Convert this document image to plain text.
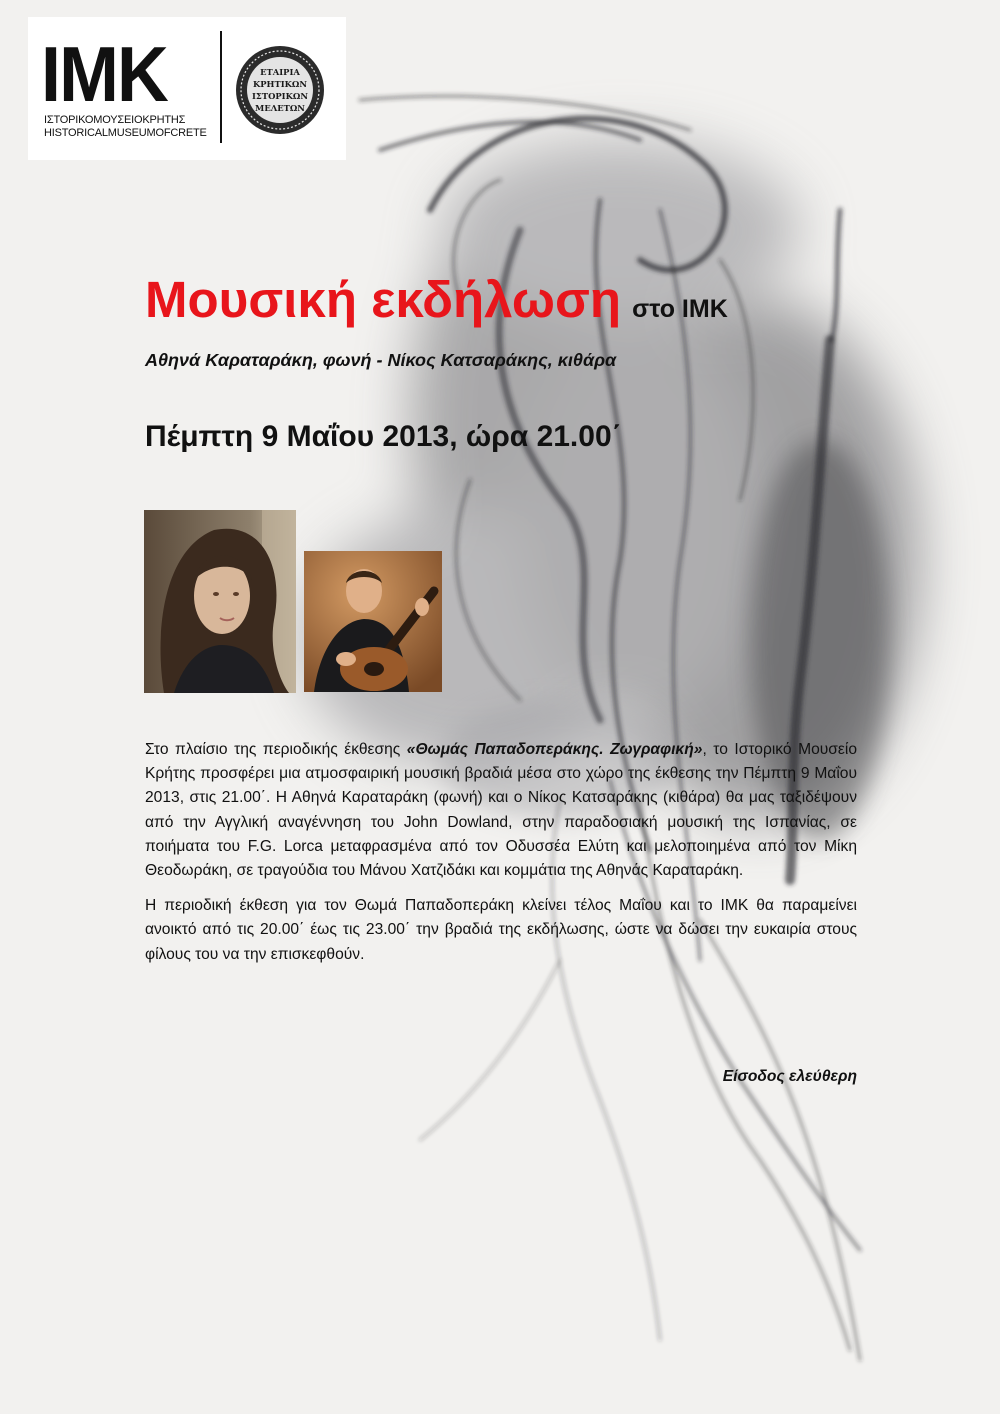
IMK
ΙΣΤΟΡΙΚΟΜΟΥΣΕΙΟΚΡΗΤΗΣ
HISTORICALMUSEUMOFCRETE
ΕΤΑΙΡΙΑ
ΚΡΗΤΙΚΩΝ
ΙΣΤΟΡΙΚΩΝ
ΜΕΛΕΤΩΝ
Μουσική εκδήλωση στο ΙΜΚ
Αθηνά Καραταράκη, φωνή - Νίκος Κατσαράκης, κιθάρα
Πέμπτη 9 Μαΐου 2013, ώρα 21.00΄

Στο πλαίσιο της περιοδικής έκθεσης «Θωμάς Παπαδοπεράκης. Ζωγραφική», το Ιστορικό Μουσείο Κρήτης προσφέρει μια ατμοσφαιρική μουσική βραδιά μέσα στο χώρο της έκθεσης την Πέμπτη 9 Μαΐου 2013, στις 21.00΄. Η Αθηνά Καραταράκη (φωνή) και ο Νίκος Κατσαράκης (κιθάρα) θα μας ταξιδέψουν από την Αγγλική αναγέννηση του John Dowland, στην παραδοσιακή μουσική της Ισπανίας, σε ποιήματα του F.G. Lorca μεταφρασμένα από τον Οδυσσέα Ελύτη και μελοποιημένα από τον Μίκη Θεοδωράκη, σε τραγούδια του Μάνου Χατζιδάκι και κομμάτια της Αθηνάς Καραταράκη.

Η περιοδική έκθεση για τον Θωμά Παπαδοπεράκη κλείνει τέλος Μαΐου και το ΙΜΚ θα παραμείνει ανοικτό από τις 20.00΄ έως τις 23.00΄ την βραδιά της εκδήλωσης, ώστε να δώσει την ευκαιρία στους φίλους του να την επισκεφθούν.

Είσοδος ελεύθερη
